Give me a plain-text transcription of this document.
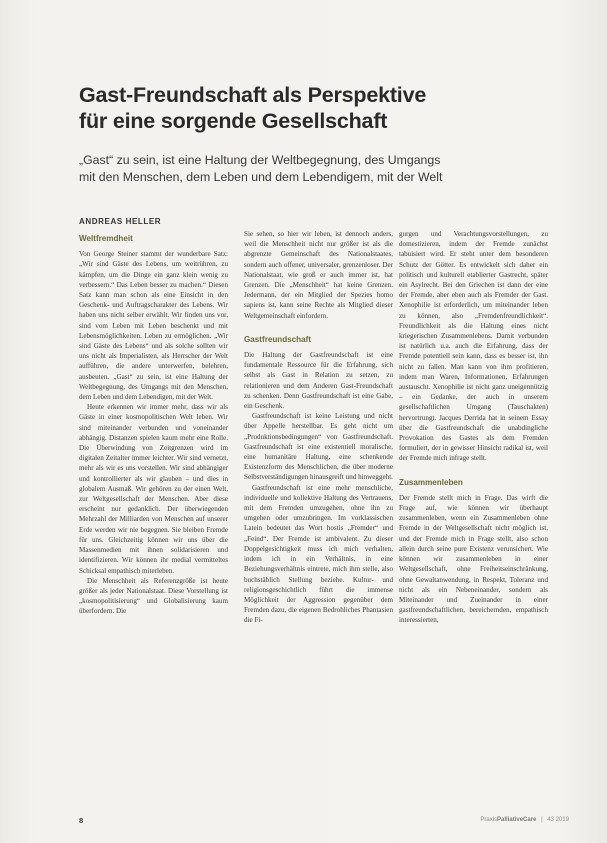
Gast-Freundschaft als Perspektive
für eine sorgende Gesellschaft
„Gast“ zu sein, ist eine Haltung der Weltbegegnung, des Umgangs
mit den Menschen, dem Leben und dem Lebendigem, mit der Welt
ANDREAS HELLER
Weltfremdheit

Von George Steiner stammt der wunderbare Satz: „Wir sind Gäste des Lebens, um weitrühren, zu kämpfen, um die Dinge ein ganz klein wenig zu verbessern.“ Das Leben besser zu machen.“ Diesen Satz kann man schon als eine Einsicht in den Geschenk- und Auftragscharakter des Lebens. Wir haben uns nicht selber erwählt. Wir finden uns vor, sind vom Leben mit Leben beschenkt und mit Lebensmöglichkeiten. Leben zu ermöglichen. „Wir sind Gäste des Lebens“ und als solche sollten wir uns nicht als Imperialisten, als Herrscher der Welt aufführen, die andere unterwerfen, belehren, ausbeuten. „Gast“ zu sein, ist eine Haltung der Weltbegegnung, des Umgangs mit den Menschen, dem Leben und dem Lebendigen, mit der Welt.

Heute erkennen wir immer mehr, dass wir als Gäste in einer kosmopolitischen Welt leben. Wir sind miteinander verbunden und voneinander abhängig. Distanzen spielen kaum mehr eine Rolle. Die Überwindung von Zeitgrenzen wird im digitalen Zeitalter immer leichter. Wir sind vernetzt, mehr als wir es uns vorstellen. Wir sind abhängiger und kontrollierter als wir glauben – und dies in globalem Ausmaß. Wir gehören zu der einen Welt, zur Weltgesellschaft der Menschen. Aber diese erscheint nur gedanklich. Der überwiegenden Mehrzahl der Milliarden von Menschen auf unserer Erde werden wir nie begegnen. Sie bleiben Fremde für uns. Gleichzeitig können wir uns über die Massenmedien mit ihnen solidarisieren und identifizieren. Wir können ihr medial vermitteltes Schicksal empathisch miterleben.

Die Menschheit als Referenzgröße ist heute größer als jeder Nationalstaat. Diese Vorstellung ist „kosmopolitisierung“ und Globalisierung kaum überfordern. Die

Sie sehen, so hier wir leben, ist dennoch anders, weil die Menschheit nicht nur größer ist als die abgrenzte Gemeinschaft des Nationalstaates, sondern auch offener, universaler, grenzenloser. Der Nationalstaat, wie groß er auch immer ist, hat Grenzen. Die „Menschheit“ hat keine Grenzen. Jedermann, der ein Mitglied der Spezies homo sapiens ist, kann seine Rechte als Mitglied dieser Weltgemeinschaft einfordern.

Gastfreundschaft

Die Haltung der Gastfreundschaft ist eine fundamentale Ressource für die Erfahrung, sich selbst als Gast in Relation zu setzen, zu relationieren und dem Anderen Gast-Freundschaft zu schenken. Denn Gastfreundschaft ist eine Gabe, ein Geschenk.

Gastfreundschaft ist keine Leistung und nicht über Appelle herstellbar. Es geht nicht um „Produktionsbedingungen“ von Gastfreundschaft. Gastfreundschaft ist eine existentiell moralische, eine humanitäre Haltung, eine schenkende Existenzform des Menschlichen, die über moderne Selbstverständigungen hinausgreift und hinweggeht.

Gastfreundschaft ist eine mehr menschliche, individuelle und kollektive Haltung des Vertrauens, mit dem Fremden umzugehen, ohne ihn zu umgehen oder umzubringen. Im vorklassischen Latein bedeutet das Wort hostis „Fremder“ und „Feind“. Der Fremde ist ambivalent. Zu dieser Doppelgesichtigkeit muss ich mich verhalten, indem ich in ein Verhältnis, in eine Beziehungsverhältnis eintrete, mich ihm stelle, also buchstäblich Stellung beziehe. Kultur- und religionsgeschichtlich führt die immense Möglichkeit der Aggression gegenüber dem Fremden dazu, die eigenen Bedrohliches Phantasien die Fi-

gurgen und Verachtungsvorstellungen, zu domestizieren, indem der Fremde zunächst tabuisiert wird. Er steht unter dem besonderen Schutz der Götter. Es entwickelt sich daher ein politisch und kulturell etablierter Gastrecht, später ein Asylrecht. Bei den Griechen ist dann der eine der Fremde, aber eben auch als Fremder der Gast. Xenophilie ist erforderlich, um miteinander leben zu können, also „Fremdenfreundlichkeit“. Freundlichkeit als die Haltung eines nicht kriegerischen Zusammenlebens. Damit verbunden ist natürlich u.a. auch die Erfahrung, dass der Fremde potentiell sein kann, dass es besser ist, ihn nicht zu fallen. Man kann von ihm profitieren, indem man Waren, Informationen, Erfahrungen austauscht. Xenophilie ist nicht ganz uneigennützig – ein Gedanke, der auch in unserem gesellschaftlichen Umgang (Tauschakten) hervortrungt. Jacques Derrida hat in seinem Essay über die Gastfreundschaft die unabdingliche Provokation des Gastes als dem Fremden formuliert, der in gewisser Hinsicht radikal ist, weil der Fremde mich infrage stellt.

Zusammenleben

Der Fremde stellt mich in Frage. Das wirft die Frage auf, wie können wir überhaupt zusammenleben, wenn ein Zusammenleben ohne Fremde in der Weltgesellschaft nicht möglich ist, und der Fremde mich in Frage stellt, also schon allein durch seine pure Existenz verunsichert. Wie können wir zusammenleben in einer Weltgesellschaft, ohne Freiheitseinschränkung, ohne Gewaltanwendung, in Respekt, Toleranz und nicht als ein Nebeneinander, sondern als Miteinander und Zueinander in einer gastfreundschaftlichen, bereichernden, empathisch interessierten,

8	PraxisPalliativeCare | 43 2019
